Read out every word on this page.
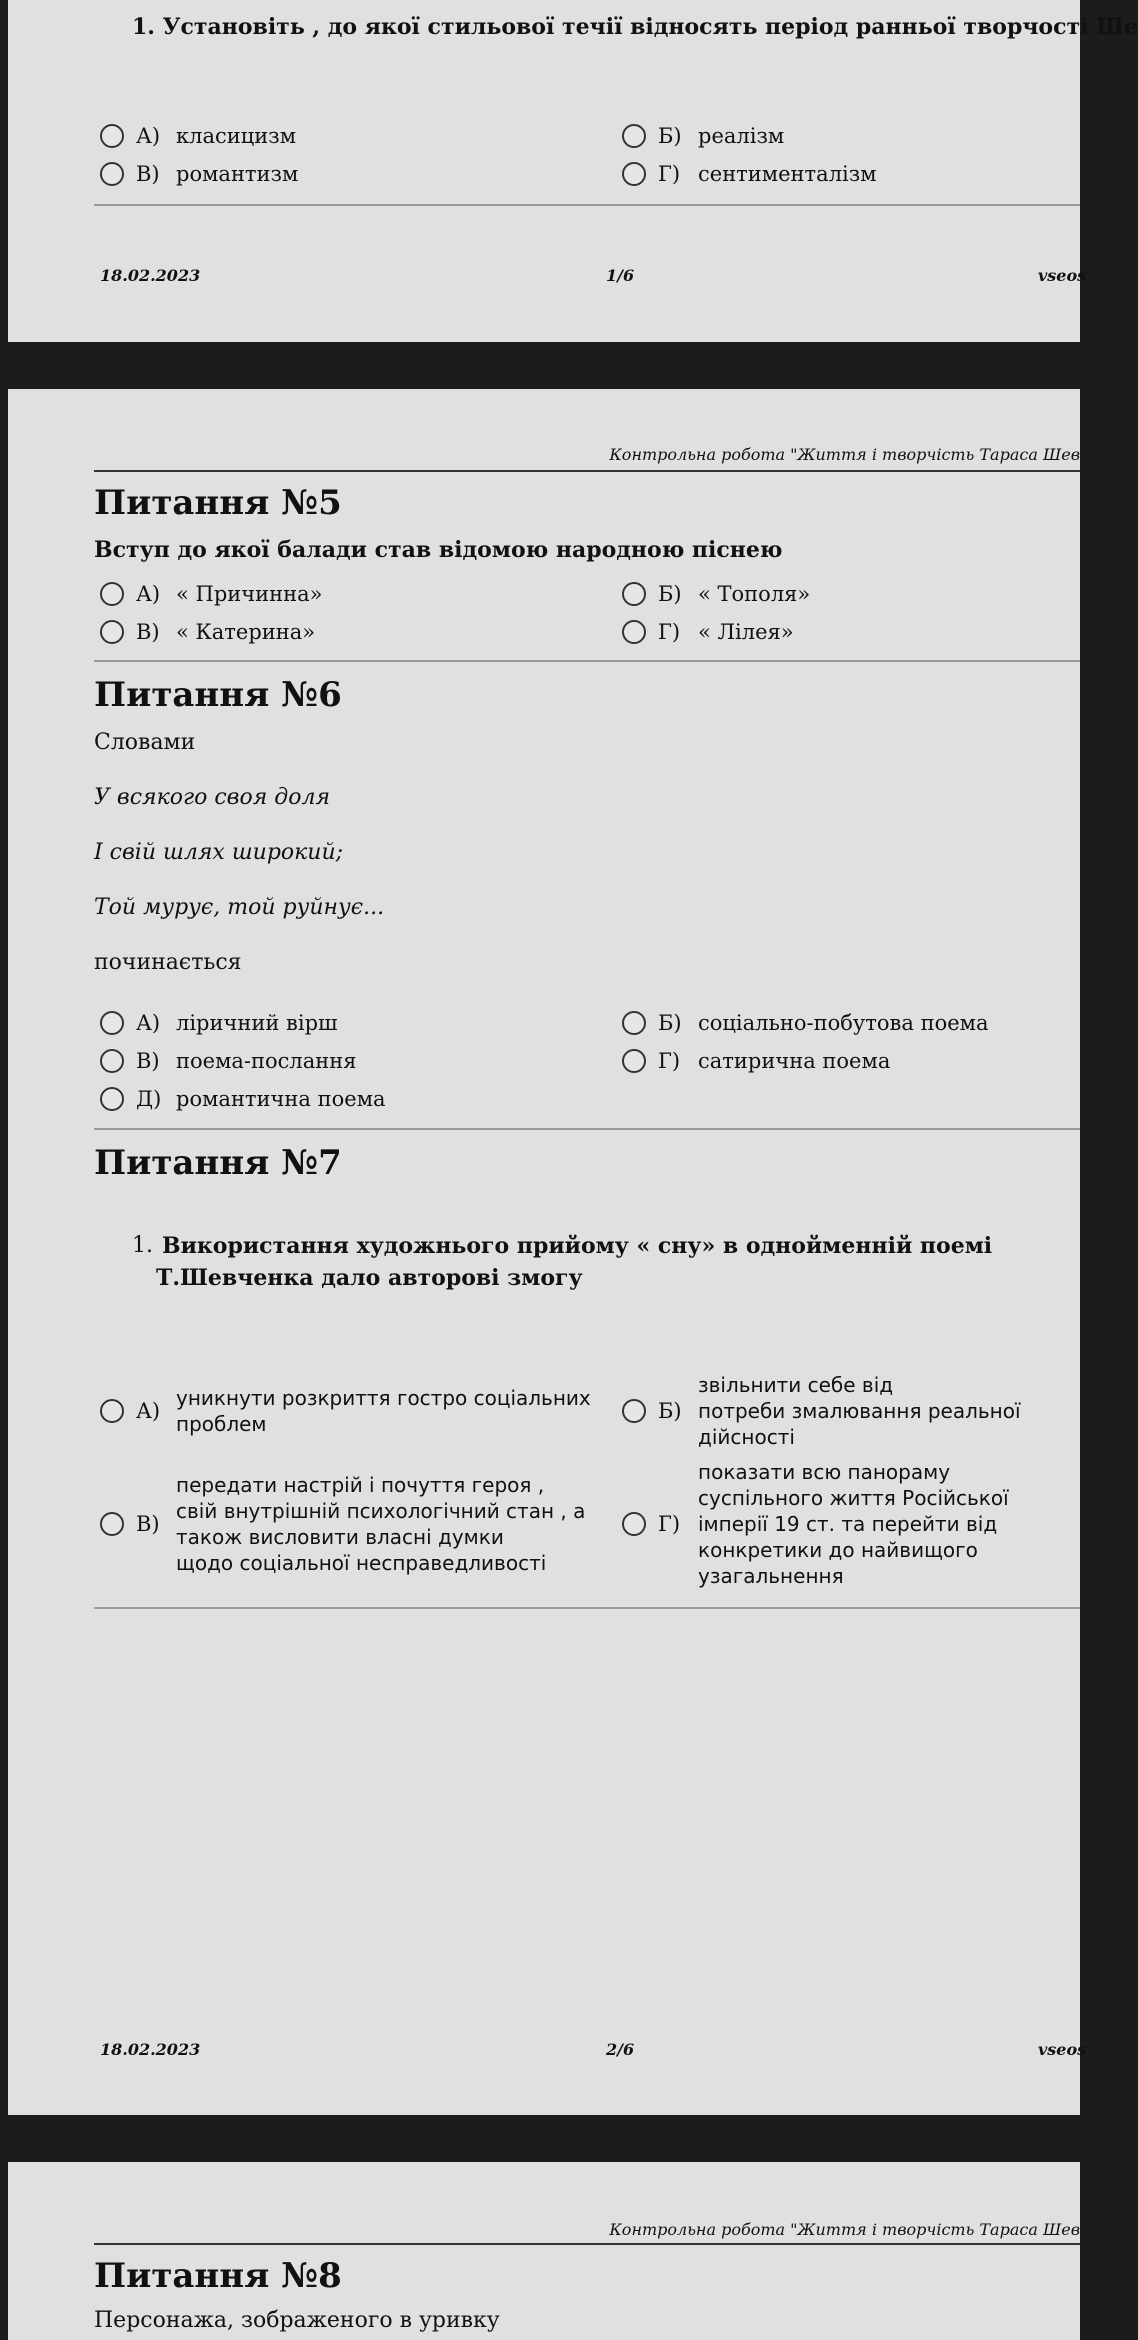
1. Установіть , до якої стильової течії відносять період ранньої творчості Ше
А) класицизм	Б) реалізм
В) романтизм	Г) сентименталізм
18.02.2023	1/6	vseos
Контрольна робота "Життя і творчість Тараса Шев
Питання №5
Вступ до якої балади став відомою народною піснею
А) « Причинна»	Б) « Тополя»
В) « Катерина»	Г) « Лілея»
Питання №6
Словами
У всякого своя доля
І свій шлях широкий;
Той мурує, той руйнує...
починається
А) ліричний вірш	Б) соціально-побутова поема
В) поема-послання	Г) сатирична поема
Д) романтична поема
Питання №7
1. Використання художнього прийому « сну» в однойменній поемі
Т.Шевченка дало авторові змогу
А)
уникнути розкриття гостро соціальних
проблем
Б)
звільнити себе від
потреби змалювання реальної
дійсності
В)
передати настрій і почуття героя ,
свій внутрішній психологічний стан , а
також висловити власні думки
щодо соціальної несправедливості
Г)
показати всю панораму
суспільного життя Російської
імперії 19 ст. та перейти від
конкретики до найвищого
узагальнення
18.02.2023	2/6	vseos
Контрольна робота "Життя і творчість Тараса Шев
Питання №8
Персонажа, зображеного в уривку
